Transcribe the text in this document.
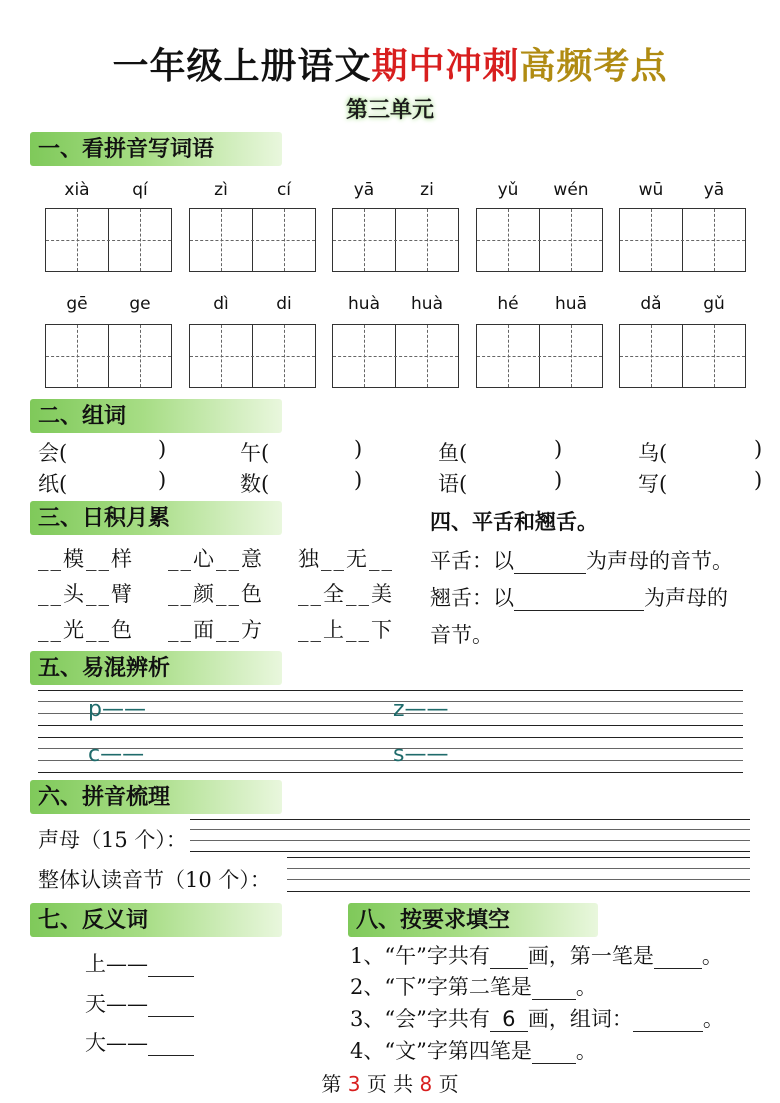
一年级上册语文期中冲刺高频考点
第三单元
一、看拼音写词语
xià	qí	zì	cí	yā	zi	yǔ	wén	wū	yā
gē	ge	dì	di	huà	huà	hé	huā	dǎ	gǔ
二、组词
会(	)	午(	)	鱼(	)	乌(	)
纸(	)	数(	)	语(	)	写(	)
三、日积月累
__模__样 __心__意 独__无__
__头__臂 __颜__色 __全__美
__光__色 __面__方 __上__下
四、平舌和翘舌。
平舌：以	为声母的音节。
翘舌：以	为声母的
音节。
五、易混辨析
p——	z——
c——	s——
六、拼音梳理
声母（15 个）：
整体认读音节（10 个）：
七、反义词
上——
天——
大——
八、按要求填空
1、“午”字共有 画，第一笔是 。
2、“下”字第二笔是 。
3、“会”字共有 6 画，组词：	。
4、“文”字第四笔是 。
第 3 页 共 8 页
